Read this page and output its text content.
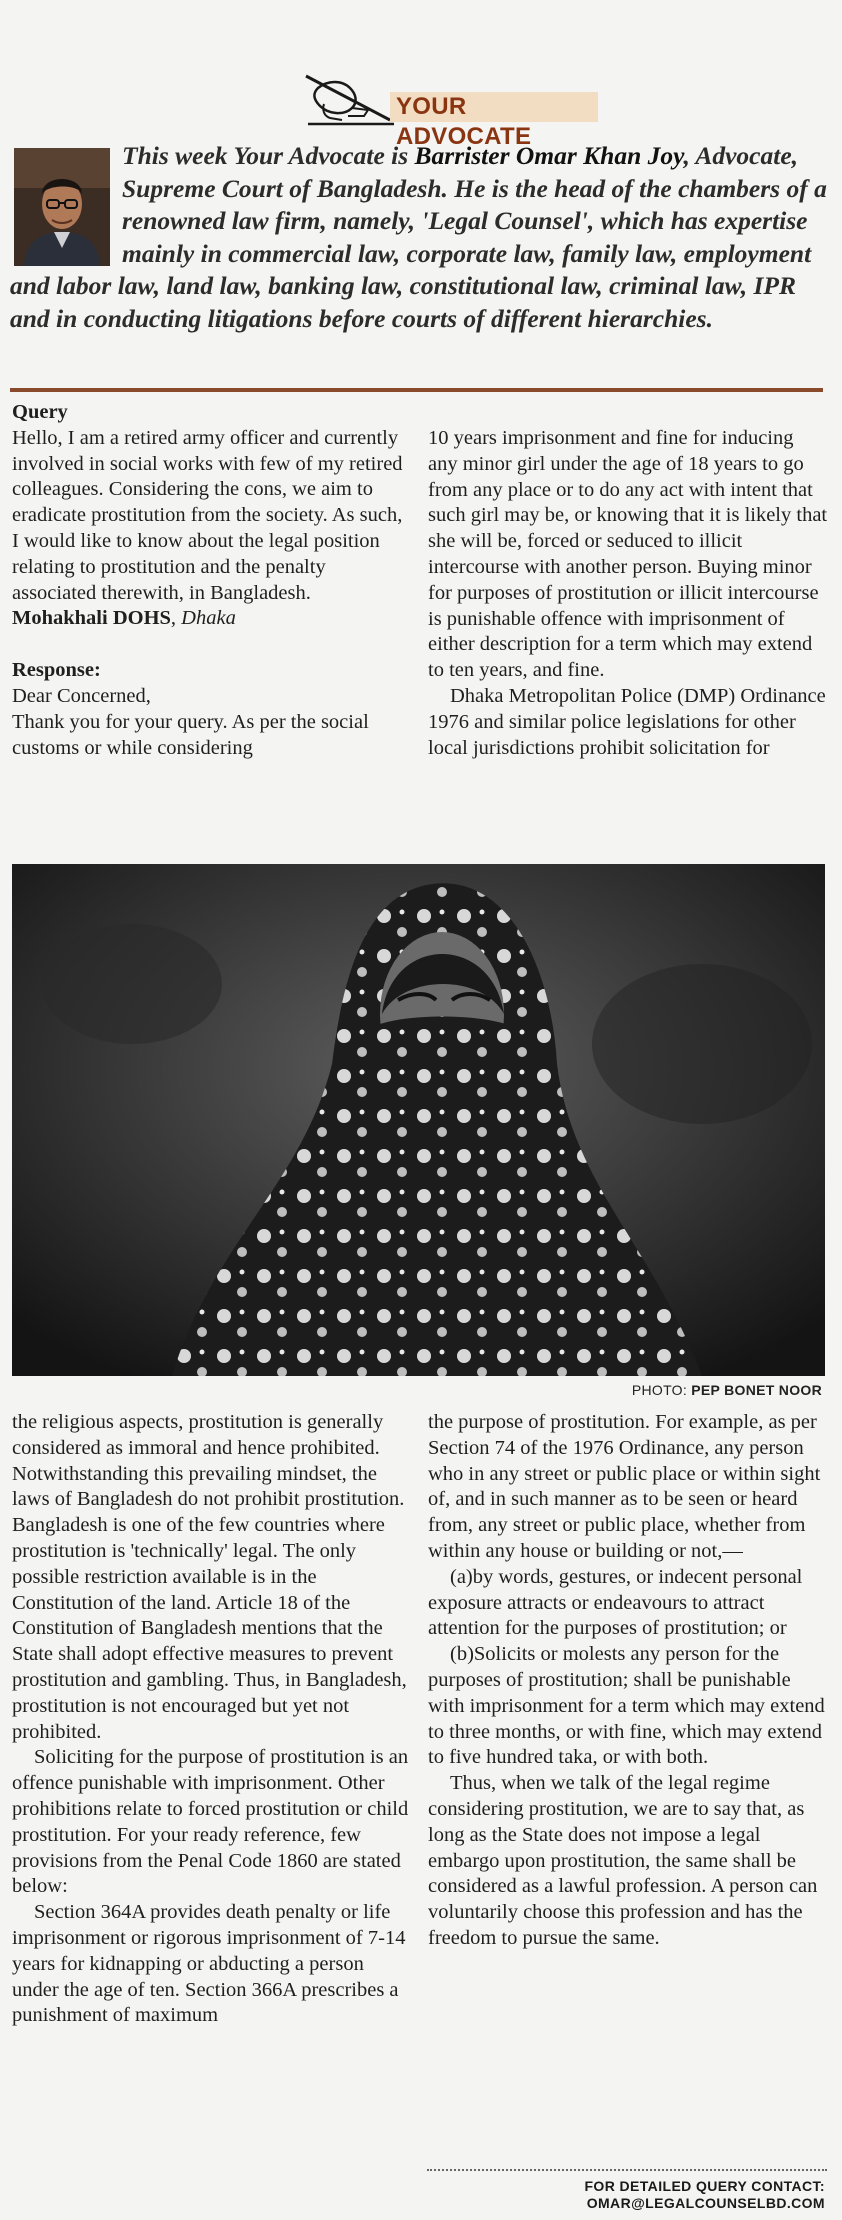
YOUR ADVOCATE

This week Your Advocate is Barrister Omar Khan Joy, Advocate, Supreme Court of Bangladesh. He is the head of the chambers of a renowned law firm, namely, 'Legal Counsel', which has expertise mainly in commercial law, corporate law, family law, employment and labor law, land law, banking law, constitutional law, criminal law, IPR and in conducting litigations before courts of different hierarchies.

Query

Hello, I am a retired army officer and currently involved in social works with few of my retired colleagues. Considering the cons, we aim to eradicate prostitution from the society. As such, I would like to know about the legal position relating to prostitution and the penalty associated therewith, in Bangladesh.

Mohakhali DOHS, Dhaka

Response:

Dear Concerned,

Thank you for your query. As per the social customs or while considering

10 years imprisonment and fine for inducing any minor girl under the age of 18 years to go from any place or to do any act with intent that such girl may be, or knowing that it is likely that she will be, forced or seduced to illicit intercourse with another person. Buying minor for purposes of prostitution or illicit intercourse is punishable offence with imprisonment of either description for a term which may extend to ten years, and fine.

Dhaka Metropolitan Police (DMP) Ordinance 1976 and similar police legislations for other local jurisdictions prohibit solicitation for

PHOTO: PEP BONET NOOR

the religious aspects, prostitution is generally considered as immoral and hence prohibited. Notwithstanding this prevailing mindset, the laws of Bangladesh do not prohibit prostitution. Bangladesh is one of the few countries where prostitution is 'technically' legal. The only possible restriction available is in the Constitution of the land. Article 18 of the Constitution of Bangladesh mentions that the State shall adopt effective measures to prevent prostitution and gambling. Thus, in Bangladesh, prostitution is not encouraged but yet not prohibited.

Soliciting for the purpose of prostitution is an offence punishable with imprisonment. Other prohibitions relate to forced prostitution or child prostitution. For your ready reference, few provisions from the Penal Code 1860 are stated below:

Section 364A provides death penalty or life imprisonment or rigorous imprisonment of 7-14 years for kidnapping or abducting a person under the age of ten. Section 366A prescribes a punishment of maximum

the purpose of prostitution. For example, as per Section 74 of the 1976 Ordinance, any person who in any street or public place or within sight of, and in such manner as to be seen or heard from, any street or public place, whether from within any house or building or not,—

(a)by words, gestures, or indecent personal exposure attracts or endeavours to attract attention for the purposes of prostitution; or

(b)Solicits or molests any person for the purposes of prostitution; shall be punishable with imprisonment for a term which may extend to three months, or with fine, which may extend to five hundred taka, or with both.

Thus, when we talk of the legal regime considering prostitution, we are to say that, as long as the State does not impose a legal embargo upon prostitution, the same shall be considered as a lawful profession. A person can voluntarily choose this profession and has the freedom to pursue the same.

FOR DETAILED QUERY CONTACT:
OMAR@LEGALCOUNSELBD.COM
